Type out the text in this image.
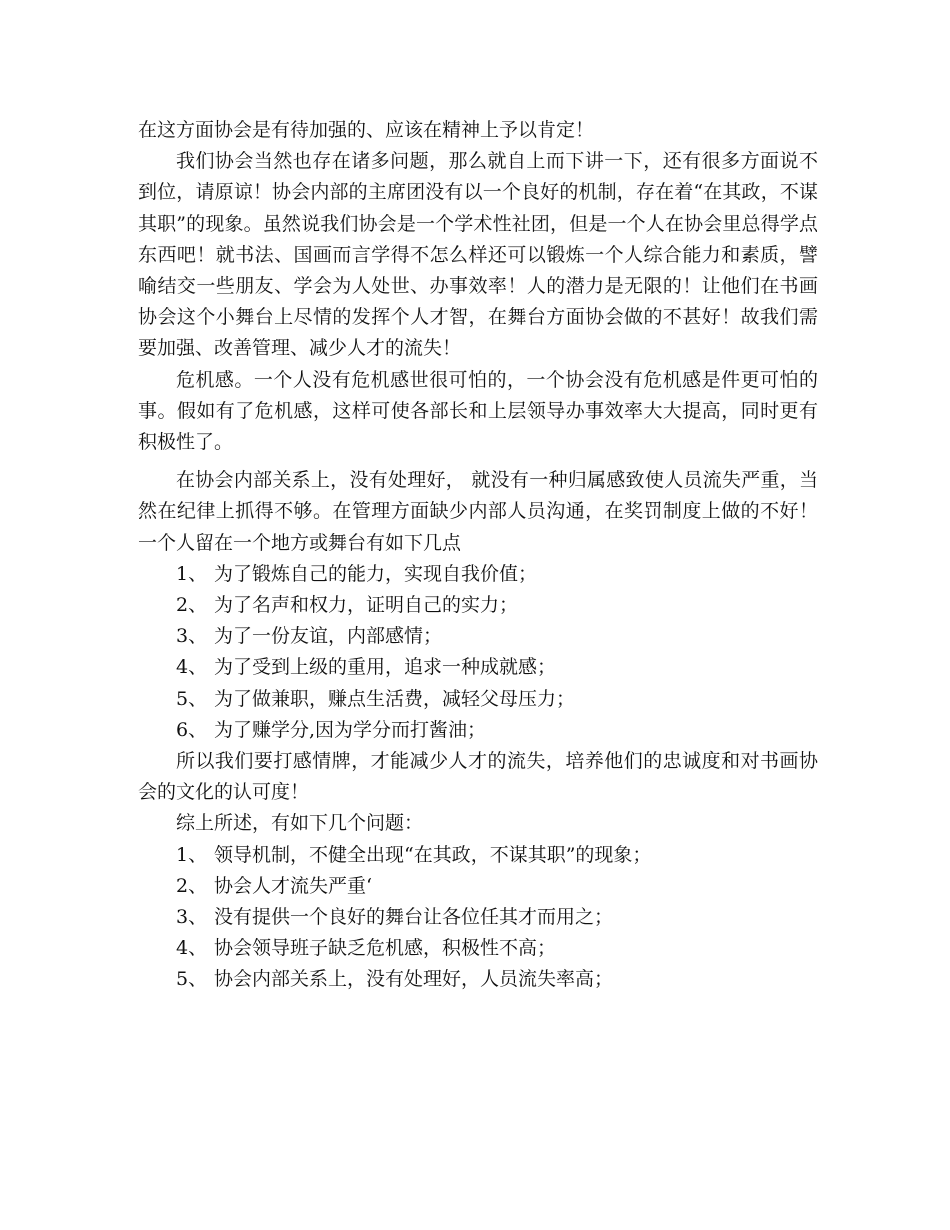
在这方面协会是有待加强的、应该在精神上予以肯定！

我们协会当然也存在诸多问题，那么就自上而下讲一下，还有很多方面说不到位，请原谅！协会内部的主席团没有以一个良好的机制，存在着“在其政，不谋其职”的现象。虽然说我们协会是一个学术性社团，但是一个人在协会里总得学点东西吧！就书法、国画而言学得不怎么样还可以锻炼一个人综合能力和素质，譬喻结交一些朋友、学会为人处世、办事效率！人的潜力是无限的！让他们在书画协会这个小舞台上尽情的发挥个人才智，在舞台方面协会做的不甚好！故我们需要加强、改善管理、减少人才的流失！

危机感。一个人没有危机感世很可怕的，一个协会没有危机感是件更可怕的事。假如有了危机感，这样可使各部长和上层领导办事效率大大提高，同时更有积极性了。

在协会内部关系上，没有处理好， 就没有一种归属感致使人员流失严重，当然在纪律上抓得不够。在管理方面缺少内部人员沟通，在奖罚制度上做的不好！一个人留在一个地方或舞台有如下几点

1、 为了锻炼自己的能力，实现自我价值；

2、 为了名声和权力，证明自己的实力；

3、 为了一份友谊，内部感情；

4、 为了受到上级的重用，追求一种成就感；

5、 为了做兼职，赚点生活费，减轻父母压力；

6、 为了赚学分,因为学分而打酱油；

所以我们要打感情牌，才能减少人才的流失，培养他们的忠诚度和对书画协会的文化的认可度！

综上所述，有如下几个问题：

1、 领导机制，不健全出现“在其政，不谋其职”的现象；

2、 协会人才流失严重‘

3、 没有提供一个良好的舞台让各位任其才而用之；

4、 协会领导班子缺乏危机感，积极性不高；

5、 协会内部关系上，没有处理好，人员流失率高；
